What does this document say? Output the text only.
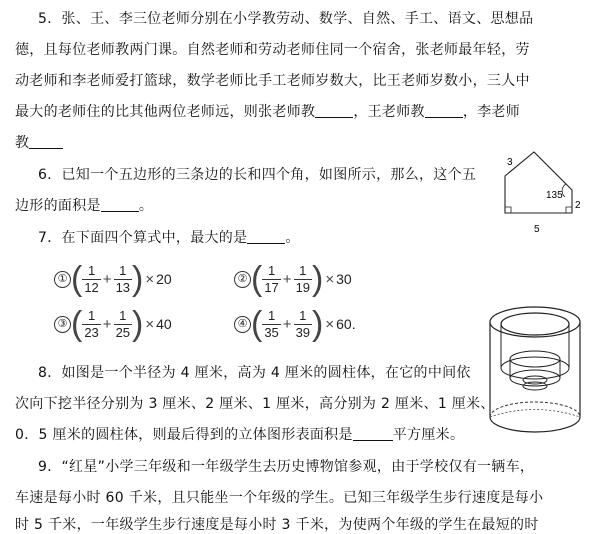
5．张、王、李三位老师分别在小学教劳动、数学、自然、手工、语文、思想品
德，且每位老师教两门课。自然老师和劳动老师住同一个宿舍，张老师最年轻，劳
动老师和李老师爱打篮球，数学老师比手工老师岁数大，比王老师岁数小，三人中
最大的老师住的比其他两位老师远，则张老师教	，王老师教	，李老师
教
6．已知一个五边形的三条边的长和四个角，如图所示，那么，这个五
边形的面积是	。
3
135
2
5
7．在下面四个算式中，最大的是	。
① ( $\frac{1}{12} + \frac{1}{13}$ ) × 20	② ( $\frac{1}{17} + \frac{1}{19}$ ) × 30
③ ( $\frac{1}{23} + \frac{1}{25}$ ) × 40	④ ( $\frac{1}{35} + \frac{1}{39}$ ) × 60.
8．如图是一个半径为 4 厘米，高为 4 厘米的圆柱体，在它的中间依
次向下挖半径分别为 3 厘米、2 厘米、1 厘米，高分别为 2 厘米、1 厘米、
0．5 厘米的圆柱体，则最后得到的立体图形表面积是	平方厘米。
9．“红星”小学三年级和一年级学生去历史博物馆参观，由于学校仅有一辆车，
车速是每小时 60 千米，且只能坐一个年级的学生。已知三年级学生步行速度是每小
时 5 千米，一年级学生步行速度是每小时 3 千米，为使两个年级的学生在最短的时
